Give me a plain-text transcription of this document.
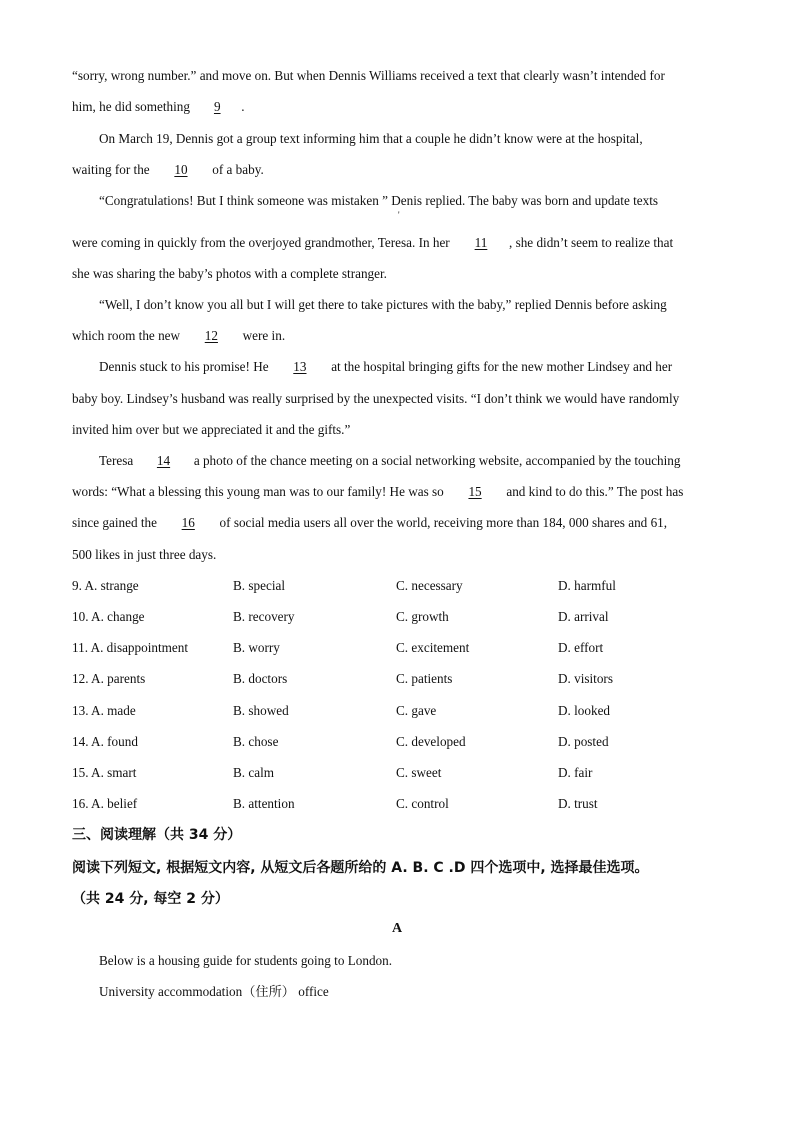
“sorry, wrong number.” and move on. But when Dennis Williams received a text that clearly wasn’t intended for
him, he did something 9 .
On March 19, Dennis got a group text informing him that a couple he didn’t know were at the hospital,
waiting for the 10 of a baby.
“Congratulations! But I think someone was mistaken ” Denis replied. The baby was born and update texts
'
were coming in quickly from the overjoyed grandmother, Teresa. In her 11 , she didn’t seem to realize that
she was sharing the baby’s photos with a complete stranger.
“Well, I don’t know you all but I will get there to take pictures with the baby,” replied Dennis before asking
which room the new 12 were in.
Dennis stuck to his promise! He 13 at the hospital bringing gifts for the new mother Lindsey and her
baby boy. Lindsey’s husband was really surprised by the unexpected visits. “I don’t think we would have randomly
invited him over but we appreciated it and the gifts.”
Teresa 14 a photo of the chance meeting on a social networking website, accompanied by the touching
words: “What a blessing this young man was to our family! He was so 15 and kind to do this.” The post has
since gained the 16 of social media users all over the world, receiving more than 184, 000 shares and 61,
500 likes in just three days.
9. A. strange	B. special	C. necessary	D. harmful
10. A. change	B. recovery	C. growth	D. arrival
11. A. disappointment	B. worry	C. excitement	D. effort
12. A. parents	B. doctors	C. patients	D. visitors
13. A. made	B. showed	C. gave	D. looked
14. A. found	B. chose	C. developed	D. posted
15. A. smart	B. calm	C. sweet	D. fair
16. A. belief	B. attention	C. control	D. trust
三、阅读理解（共 34 分）
阅读下列短文, 根据短文内容, 从短文后各题所给的 A. B. C .D 四个选项中, 选择最佳选项。
（共 24 分, 每空 2 分）
A
Below is a housing guide for students going to London.
University accommodation（住所） office
